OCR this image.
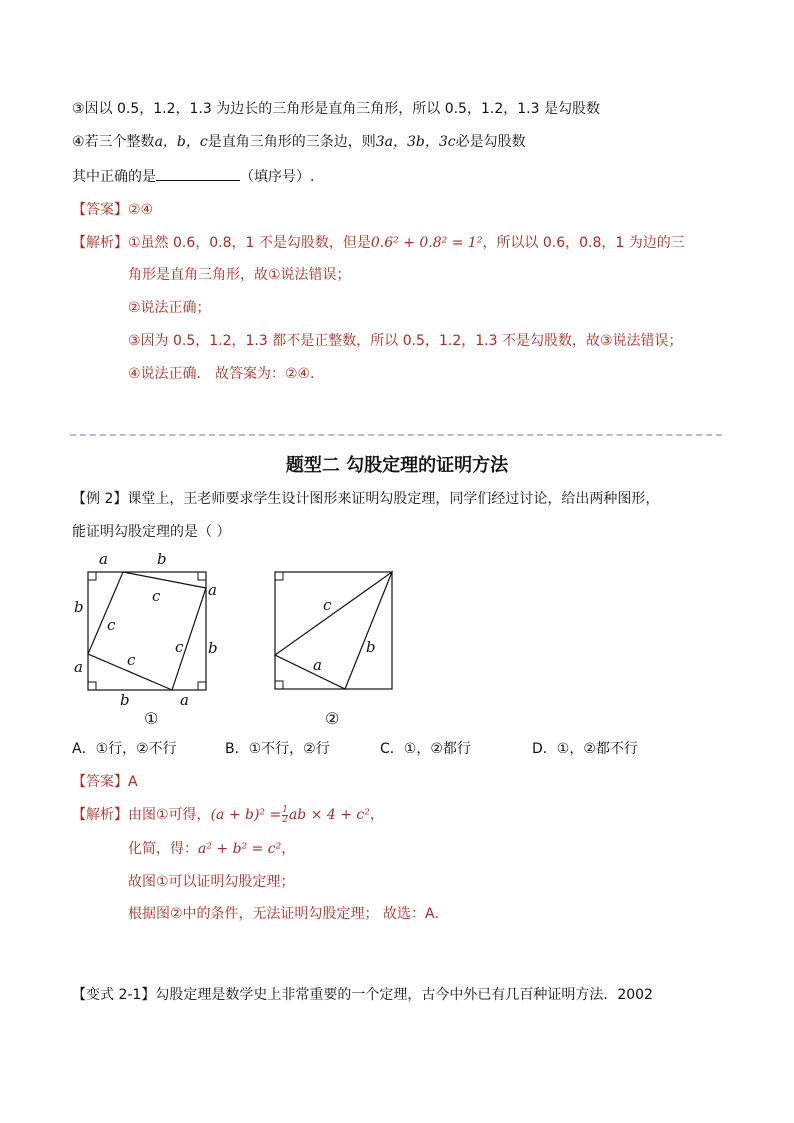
③因以 0.5，1.2，1.3 为边长的三角形是直角三角形，所以 0.5，1.2，1.3 是勾股数
④若三个整数a，b，c是直角三角形的三条边，则3a，3b，3c必是勾股数
其中正确的是	（填序号）.
【答案】②④
【解析】①虽然 0.6，0.8，1 不是勾股数，但是0.6² + 0.8² = 1²，所以以 0.6，0.8，1 为边的三
角形是直角三角形，故①说法错误；
②说法正确；
③因为 0.5，1.2，1.3 都不是正整数，所以 0.5，1.2，1.3 不是勾股数，故③说法错误；
④说法正确． 故答案为：②④．
题型二 勾股定理的证明方法
【例 2】课堂上，王老师要求学生设计图形来证明勾股定理，同学们经过讨论，给出两种图形，
能证明勾股定理的是（ ）
a	b
b
a
a
b
b	a
c
c
c
c
①
c
a
b
②
A．①行，②不行	B．①不行，②行	C．①，②都行	D．①，②都不行
【答案】A
【解析】由图①可得，$(a + b)^2 = \frac{1}{2}$ ab × 4 + c²，
化简，得：a² + b² = c²，
故图①可以证明勾股定理；
根据图②中的条件，无法证明勾股定理； 故选：A．
【变式 2-1】勾股定理是数学史上非常重要的一个定理，古今中外已有几百种证明方法．2002
